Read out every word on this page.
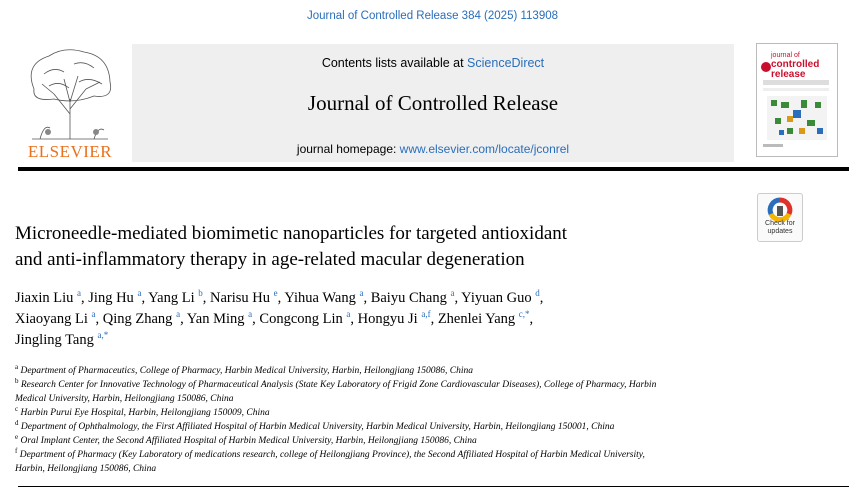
Journal of Controlled Release 384 (2025) 113908
ELSEVIER
Contents lists available at ScienceDirect
Journal of Controlled Release
journal homepage: www.elsevier.com/locate/jconrel
journal of
controlled
release
Check for
updates
Microneedle-mediated biomimetic nanoparticles for targeted antioxidant
and anti-inflammatory therapy in age-related macular degeneration
Jiaxin Liu $^a$, Jing Hu $^a$, Yang Li $^b$, Narisu Hu $^e$, Yihua Wang $^a$, Baiyu Chang $^a$, Yiyuan Guo $^d$,
Xiaoyang Li $^a$, Qing Zhang $^a$, Yan Ming $^a$, Congcong Lin $^a$, Hongyu Ji $^{a,f}$, Zhenlei Yang $^{c,*}$,
Jingling Tang $^{a,*}$
$^a$ Department of Pharmaceutics, College of Pharmacy, Harbin Medical University, Harbin, Heilongjiang 150086, China
$^b$ Research Center for Innovative Technology of Pharmaceutical Analysis (State Key Laboratory of Frigid Zone Cardiovascular Diseases), College of Pharmacy, Harbin
Medical University, Harbin, Heilongjiang 150086, China
$^c$ Harbin Purui Eye Hospital, Harbin, Heilongjiang 150009, China
$^d$ Department of Ophthalmology, the First Affiliated Hospital of Harbin Medical University, Harbin Medical University, Harbin, Heilongjiang 150001, China
$^e$ Oral Implant Center, the Second Affiliated Hospital of Harbin Medical University, Harbin, Heilongjiang 150086, China
$^f$ Department of Pharmacy (Key Laboratory of medications research, college of Heilongjiang Province), the Second Affiliated Hospital of Harbin Medical University,
Harbin, Heilongjiang 150086, China
